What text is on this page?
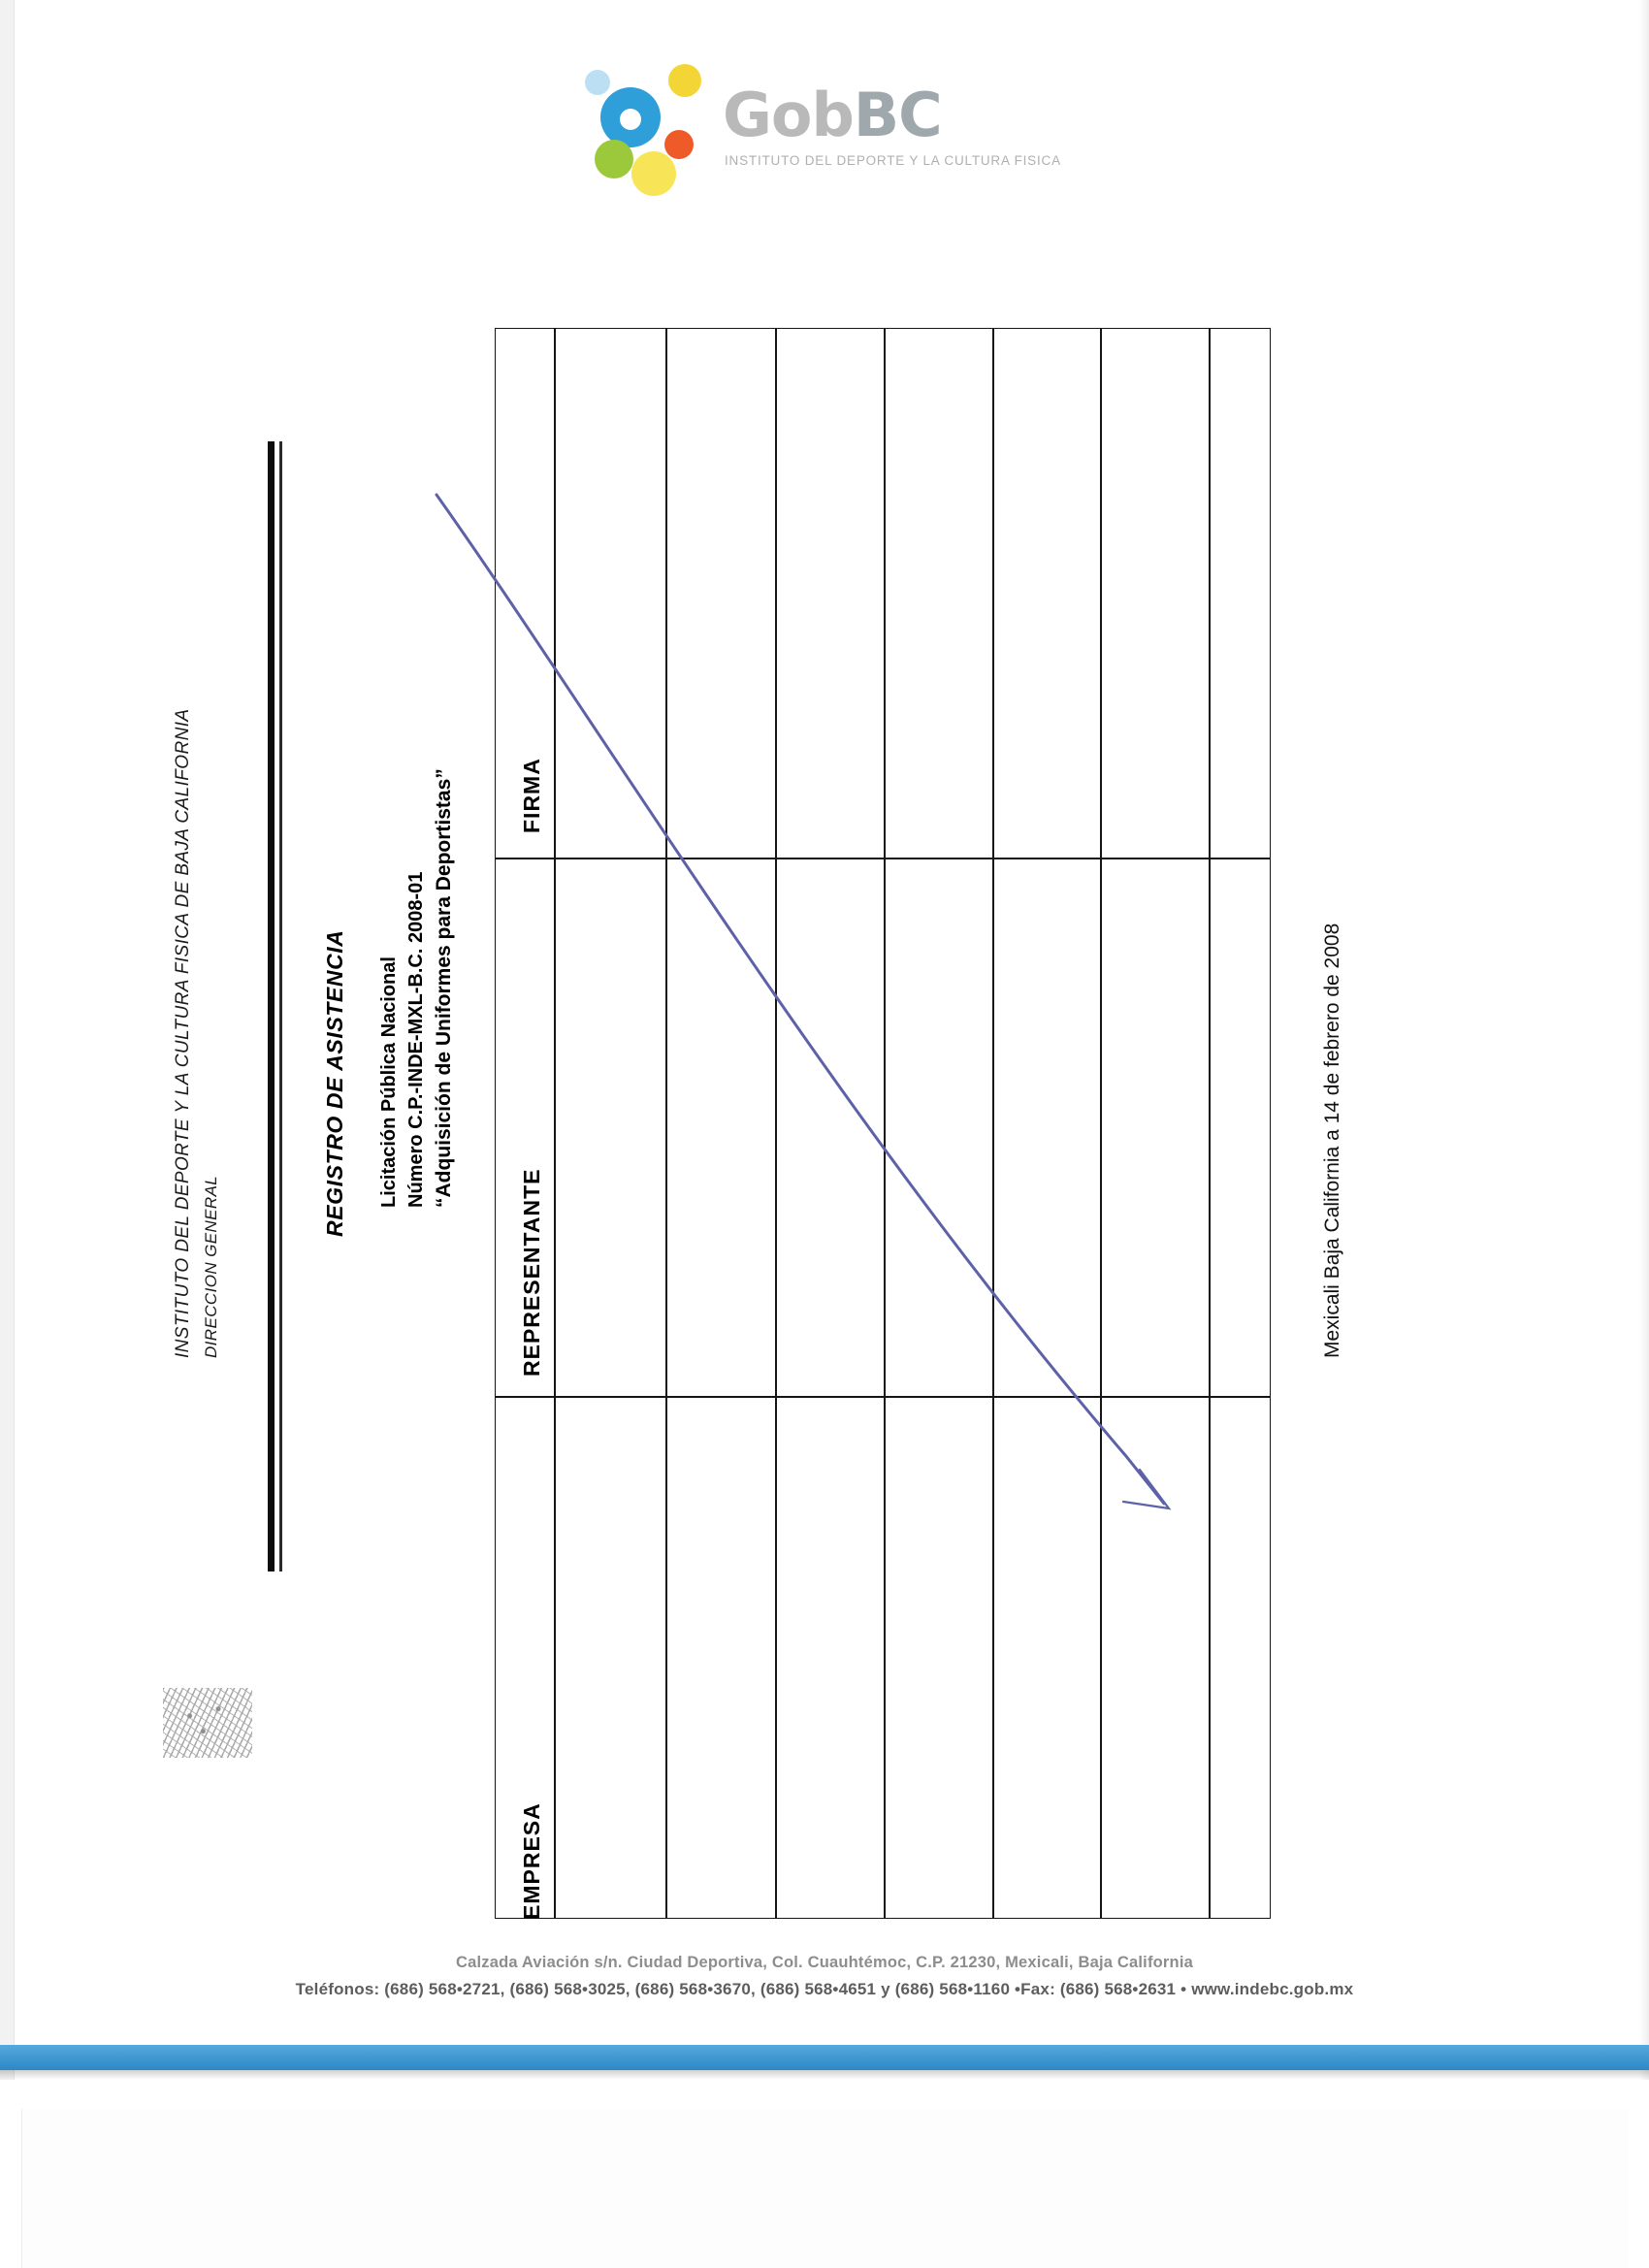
GobBC
INSTITUTO DEL DEPORTE Y LA CULTURA FISICA
INSTITUTO DEL DEPORTE Y LA CULTURA FISICA DE BAJA CALIFORNIA DIRECCION GENERAL
REGISTRO DE ASISTENCIA Licitación Pública Nacional Número C.P.-INDE-MXL-B.C. 2008-01 “Adquisición de Uniformes para Deportistas”	Mexicali Baja California a 14 de febrero de 2008
EMPRESA
REPRESENTANTE
FIRMA
Calzada Aviación s/n. Ciudad Deportiva, Col. Cuauhtémoc, C.P. 21230, Mexicali, Baja California
Teléfonos: (686) 568•2721, (686) 568•3025, (686) 568•3670, (686) 568•4651 y (686) 568•1160 •Fax: (686) 568•2631 • www.indebc.gob.mx
